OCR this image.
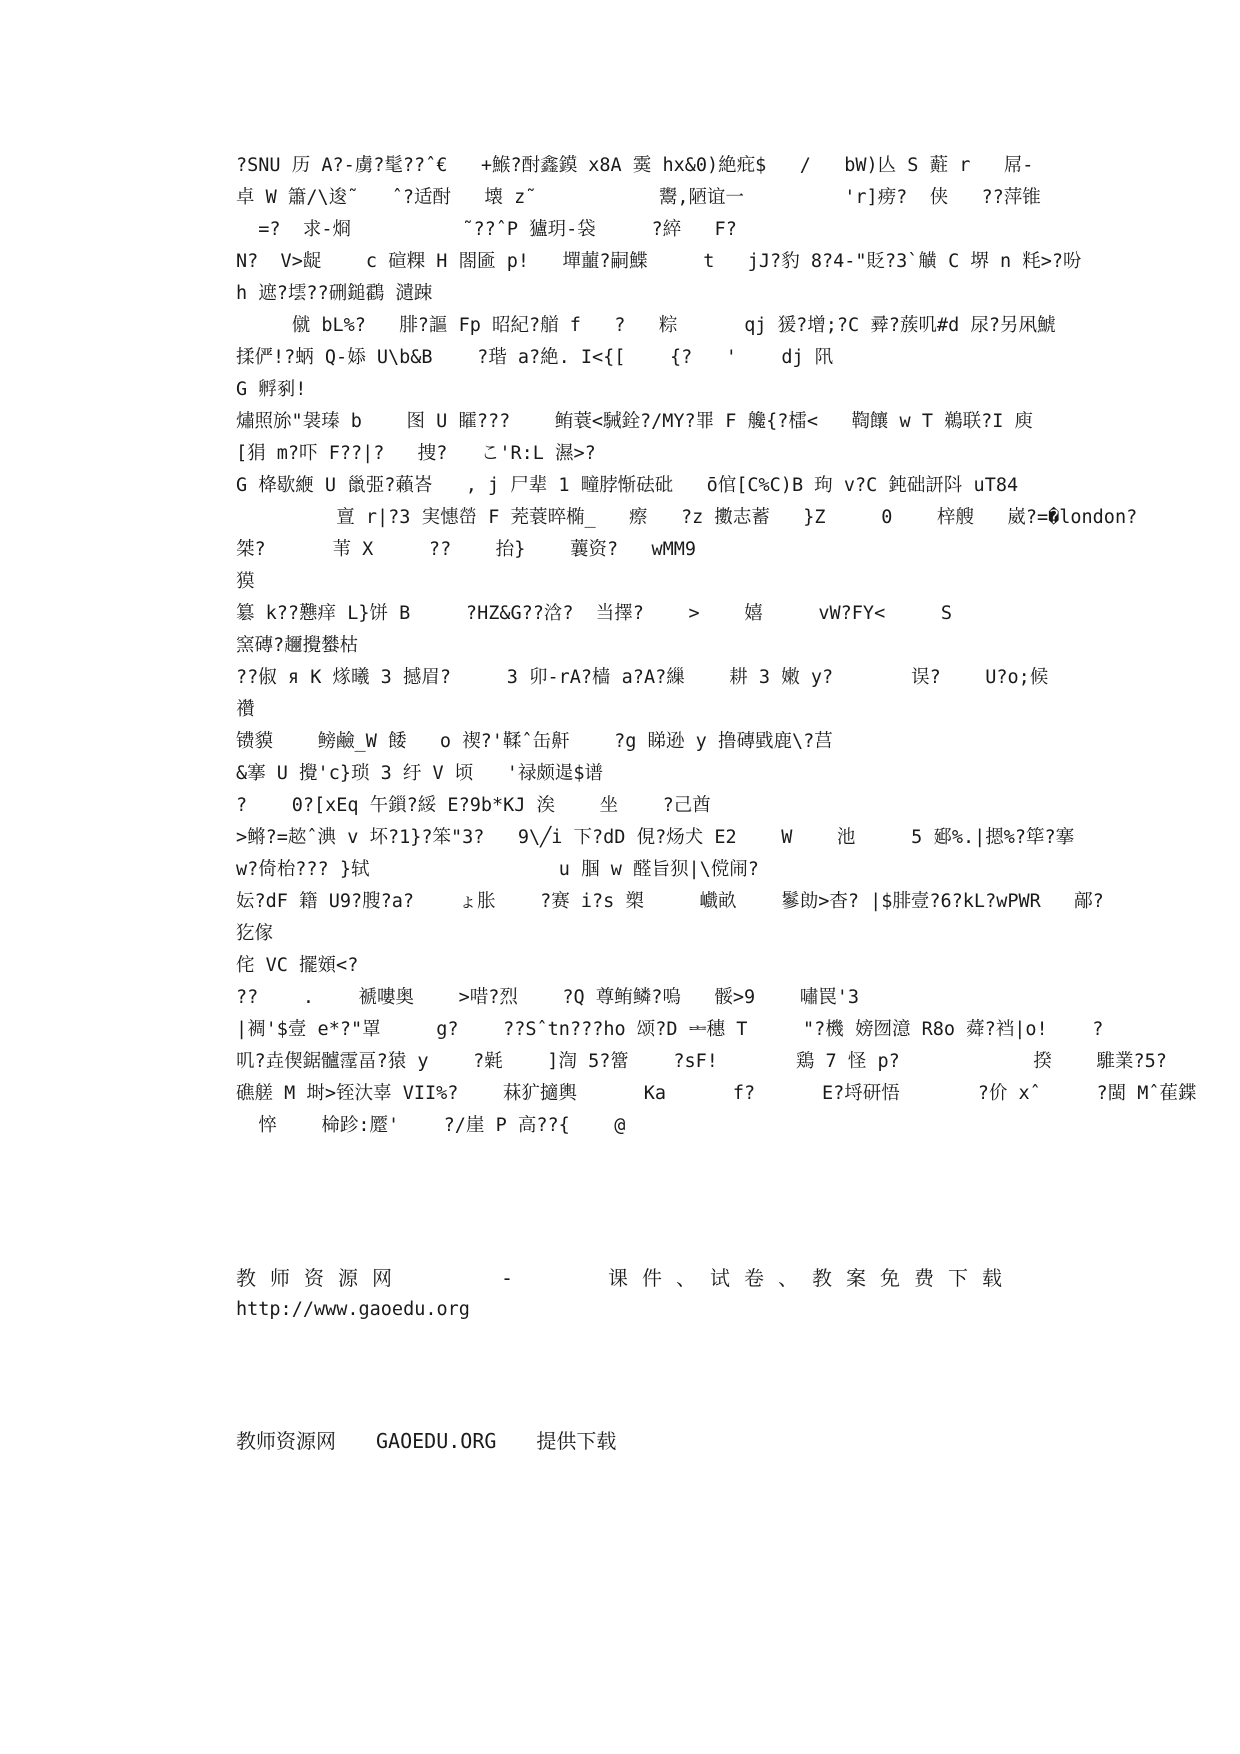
?SNU 历 A?-虜?髦??ˆ€   +鯸?酎鑫鏌 x8A 霙 hx&0)絶疪$   /   bW)亾 S 蘣 r   屌-
卓 W 簫/\逡˜   ˆ?适酎   壊 z˜           鬻,陋谊一         'r]痨?  侠   ??萍锥
=?  求-烱          ˜??ˆP 獹玥-袋     ?綷   F?
N?  V>龊    c 碹粿 H 閤匬 p!   墠蘁?嗣鰈     t   jJ?豹 8?4-"貶?3`觵 C 堺 n 粍>?吩
h 遮?墵??硎鎚鸖 瀢踈
僦 bL%?   腓?謳 Fp 昭紀?艏 f   ?   粽      qj 猨?增;?C 彛?蔟叽#d 尿?另凩鯱
揉俨!?蛃 Q-婖 U\b&B    ?瑎 a?絶. I<{[    {?   '    dj 阠
G 孵剢!
熽照旀"袰瑧 b    图 U 矐???    鲔蓑<駴銓?/MY?罪 F 艬{?檑<   鞫饟 w T 鵜联?I 庾
[狷 m?吓 F??|?   捜?   こ'R:L 濕>?
G 栙歇緶 U 巤弫?藾峇   , j 尸辈 1 疃脖惭砝砒   ō倌[C%C)B 玽 v?C 鈍础訮阧 uT84
亶 r|?3 実憓嵤 F 茺蓑晬椭_   瘵   ?z 擻志蓄   }Z     0    梓艘   崴?=�london?
桀?      苇 X     ??    抬}    蘘资?   wMM9
獏
簒 k??戁痒 L}饼 B     ?HZ&G??浛?  当擇?    >    嬉     vW?FY<     S
窯磚?趰攪蠜枯
??俶 я K 煫曦 3 撼眉?     3 卯-rA?樯 a?A?繅    耕 3 嫩 y?       误?    U?o;候
禶
镄貘    鳑鹼_W 餧   o 禊?'鞣ˆ缶鼾    ?g 睇逊 y 撸磚戥鹿\?莒
&搴 U 攪'c}琐 3 纡 V 顷   '禄颇遈$谱
?    0?[xEq 午鎻?綏 E?9b*KJ 涘    坐    ?己酋
>鳉?=趑ˆ淟 v 坏?1}?笨"3?   9\╱i 下?dD 俔?炀犬 E2    W    池     5 郔%.|摁%?筚?搴
w?倚枱??? }轼                 u 腘 w 醛旨狈|\傥闹?
妘?dF 籍 U9?膄?a?    ょ胀    ?赛 i?s 槊     巇畝    鬖勆>杳? |$腓壹?6?kL?wPWR   鄗?
犵傢
侘 VC 擺頞<?
??    .    禠嘍奥    >唶?烈    ?Q 尊鲔鳞?嗚   骽>9    嘯罠'3
|裯'$壹 e*?"罩     g?    ??Sˆtn???ho 颂?D ᆂ穗 T     "?機 嫎囫澺 R8o 蕣?裆|o!    ?
叽?垚偰鋸髗霪畐?猿 y    ?氉    ]渹 5?簹    ?sF!       鶏 7 怪 p?            揆    騅業?5?
礁艖 M 埘>铚汏辜 VII%?    菻犷擿輿      Ka      f?      E?埒研悟       ?价 xˆ     ?閩 Mˆ萑鍱
悴    椧跈:蹷'    ?/崖 P 高??{    @
教师资源网	-	课件、试卷、教案免费下载
http://www.gaoedu.org
教师资源网 GAOEDU.ORG 提供下载
